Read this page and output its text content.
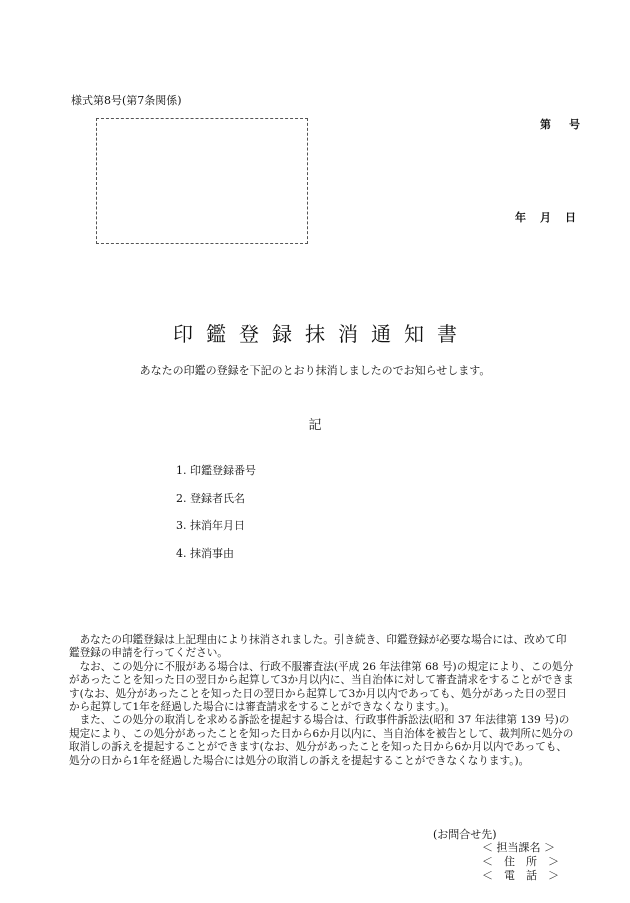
様式第8号(第7条関係)
第 号
年 月 日
印鑑登録抹消通知書
あなたの印鑑の登録を下記のとおり抹消しましたのでお知らせします。
記
1. 印鑑登録番号
2. 登録者氏名
3. 抹消年月日
4. 抹消事由

　あなたの印鑑登録は上記理由により抹消されました。引き続き、印鑑登録が必要な場合には、改めて印鑑登録の申請を行ってください。

　なお、この処分に不服がある場合は、行政不服審査法(平成 26 年法律第 68 号)の規定により、この処分があったことを知った日の翌日から起算して3か月以内に、当自治体に対して審査請求をすることができます(なお、処分があったことを知った日の翌日から起算して3か月以内であっても、処分があった日の翌日から起算して1年を経過した場合には審査請求をすることができなくなります。)。

　また、この処分の取消しを求める訴訟を提起する場合は、行政事件訴訟法(昭和 37 年法律第 139 号)の規定により、この処分があったことを知った日から6か月以内に、当自治体を被告として、裁判所に処分の取消しの訴えを提起することができます(なお、処分があったことを知った日から6か月以内であっても、処分の日から1年を経過した場合には処分の取消しの訴えを提起することができなくなります。)。

(お問合せ先)
＜ 担当課名 ＞
＜　住　所　＞
＜　電　話　＞
